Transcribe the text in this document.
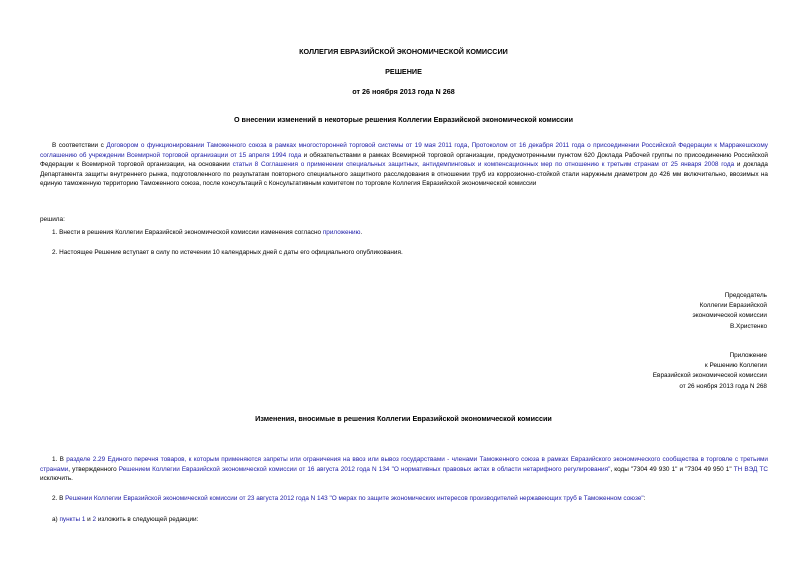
КОЛЛЕГИЯ ЕВРАЗИЙСКОЙ ЭКОНОМИЧЕСКОЙ КОМИССИИ
РЕШЕНИЕ
от 26 ноября 2013 года N 268
О внесении изменений в некоторые решения Коллегии Евразийской экономической комиссии
В соответствии с Договором о функционировании Таможенного союза в рамках многосторонней торговой системы от 19 мая 2011 года, Протоколом от 16 декабря 2011 года о присоединении Российской Федерации к Марракешскому соглашению об учреждении Всемирной торговой организации от 15 апреля 1994 года и обязательствами в рамках Всемирной торговой организации, предусмотренными пунктом 620 Доклада Рабочей группы по присоединению Российской Федерации к Всемирной торговой организации, на основании статьи 8 Соглашения о применении специальных защитных, антидемпинговых и компенсационных мер по отношению к третьим странам от 25 января 2008 года и доклада Департамента защиты внутреннего рынка, подготовленного по результатам повторного специального защитного расследования в отношении труб из коррозионно-стойкой стали наружным диаметром до 426 мм включительно, ввозимых на единую таможенную территорию Таможенного союза, после консультаций с Консультативным комитетом по торговле Коллегия Евразийской экономической комиссии
решила:
1. Внести в решения Коллегии Евразийской экономической комиссии изменения согласно приложению.
2. Настоящее Решение вступает в силу по истечении 10 календарных дней с даты его официального опубликования.
Председатель
Коллегии Евразийской
экономической комиссии
В.Христенко
Приложение
к Решению Коллегии
Евразийской экономической комиссии
от 26 ноября 2013 года N 268
Изменения, вносимые в решения Коллегии Евразийской экономической комиссии
1. В разделе 2.29 Единого перечня товаров, к которым применяются запреты или ограничения на ввоз или вывоз государствами - членами Таможенного союза в рамках Евразийского экономического сообщества в торговле с третьими странами, утвержденного Решением Коллегии Евразийской экономической комиссии от 16 августа 2012 года N 134 "О нормативных правовых актах в области нетарифного регулирования", коды "7304 49 930 1" и "7304 49 950 1" ТН ВЭД ТС исключить.
2. В Решении Коллегии Евразийской экономической комиссии от 23 августа 2012 года N 143 "О мерах по защите экономических интересов производителей нержавеющих труб в Таможенном союзе":
а) пункты 1 и 2 изложить в следующей редакции:
